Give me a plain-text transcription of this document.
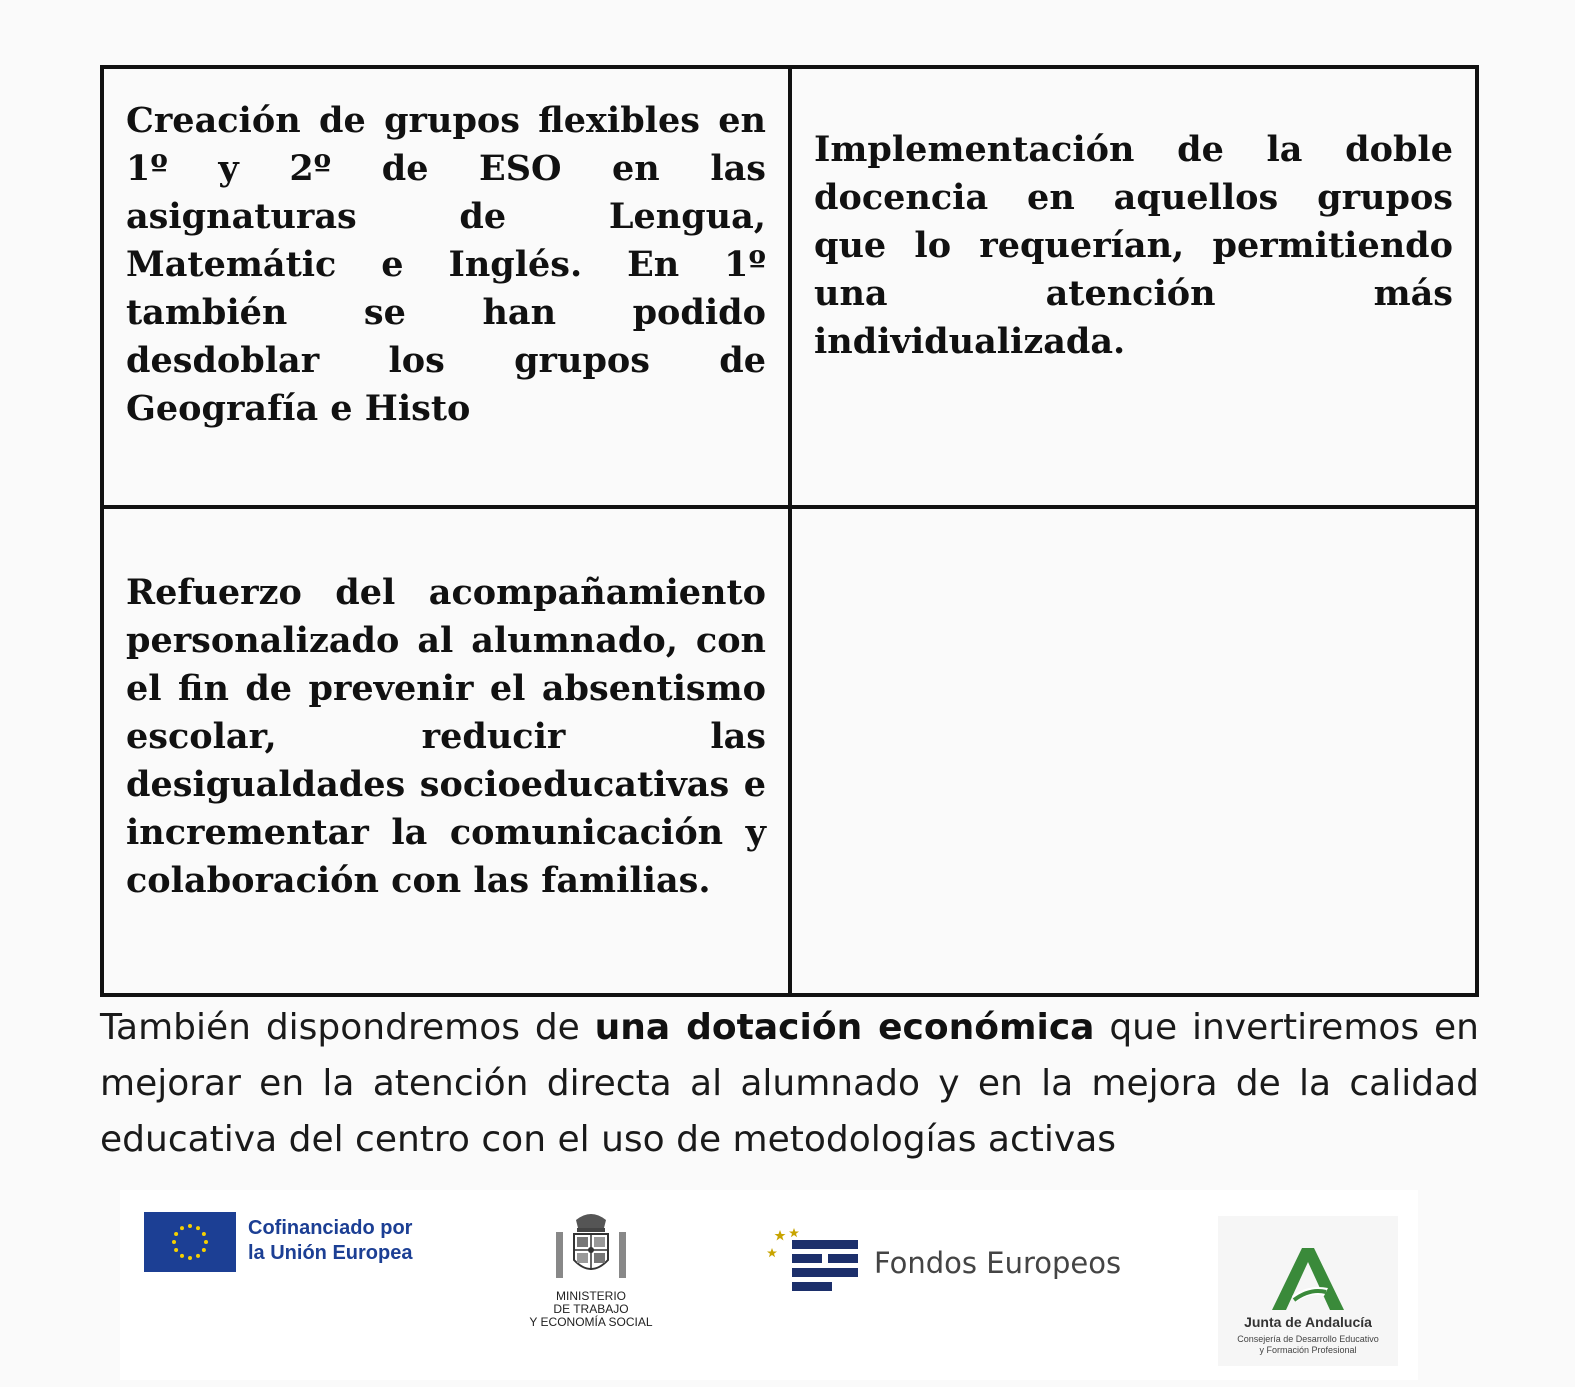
Creación de grupos flexibles en 1º y 2º de ESO en las asignaturas de Lengua, Matemátic e Inglés. En 1º también se han podido desdoblar los grupos de Geografía e Histo

Implementación de la doble docencia en aquellos grupos que lo requerían, permitiendo una atención más individualizada.

Refuerzo del acompañamiento personalizado al alumnado, con el fin de prevenir el absentismo escolar, reducir las desigualdades socioeducativas e incrementar la comunicación y colaboración con las familias.

También dispondremos de una dotación económica que invertiremos en mejorar en la atención directa al alumnado y en la mejora de la calidad educativa del centro con el uso de metodologías activas

Cofinanciado por
la Unión Europea
MINISTERIO
DE TRABAJO
Y ECONOMÍA SOCIAL
Fondos Europeos
Junta de Andalucía
Consejería de Desarrollo Educativo
y Formación Profesional
